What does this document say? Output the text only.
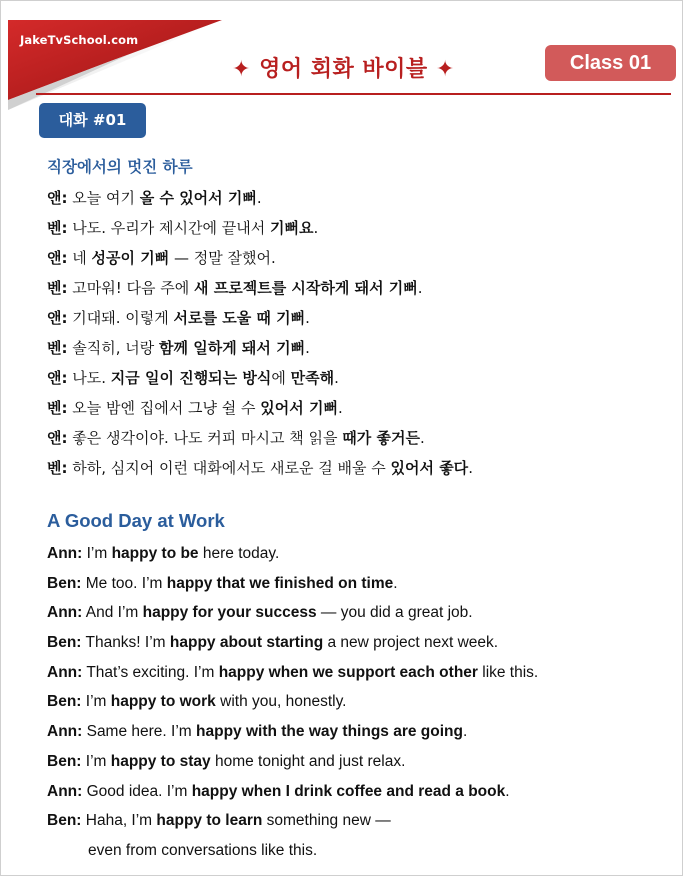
JakeTvSchool.com
✦ 영어 회화 바이블 ✦	Class 01
대화 #01
직장에서의 멋진 하루
앤: 오늘 여기 올 수 있어서 기뻐.
벤: 나도. 우리가 제시간에 끝내서 기뻐요.
앤: 네 성공이 기뻐 — 정말 잘했어.
벤: 고마워! 다음 주에 새 프로젝트를 시작하게 돼서 기뻐.
앤: 기대돼. 이렇게 서로를 도울 때 기뻐.
벤: 솔직히, 너랑 함께 일하게 돼서 기뻐.
앤: 나도. 지금 일이 진행되는 방식에 만족해.
벤: 오늘 밤엔 집에서 그냥 쉴 수 있어서 기뻐.
앤: 좋은 생각이야. 나도 커피 마시고 책 읽을 때가 좋거든.
벤: 하하, 심지어 이런 대화에서도 새로운 걸 배울 수 있어서 좋다.
A Good Day at Work
Ann: I’m happy to be here today.
Ben: Me too. I’m happy that we finished on time.
Ann: And I’m happy for your success — you did a great job.
Ben: Thanks! I’m happy about starting a new project next week.
Ann: That’s exciting. I’m happy when we support each other like this.
Ben: I’m happy to work with you, honestly.
Ann: Same here. I’m happy with the way things are going.
Ben: I’m happy to stay home tonight and just relax.
Ann: Good idea. I’m happy when I drink coffee and read a book.
Ben: Haha, I’m happy to learn something new —
even from conversations like this.
